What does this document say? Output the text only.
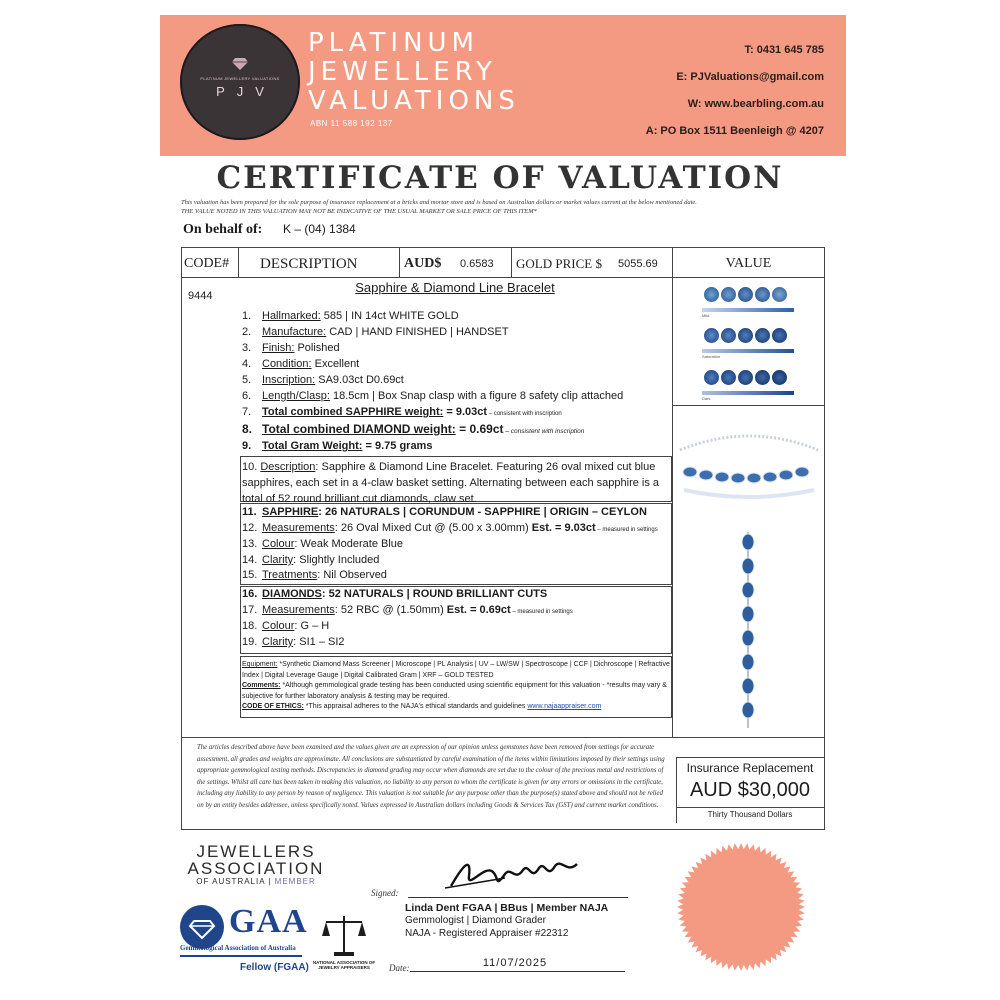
PLATINUM JEWELLERY VALUATIONS
PJV
PLATINUM
JEWELLERY
VALUATIONS
ABN 11 588 192 137
T: 0431 645 785
E: PJValuations@gmail.com
W: www.bearbling.com.au
A: PO Box 1511 Beenleigh @ 4207
CERTIFICATE OF VALUATION
This valuation has been prepared for the sole purpose of insurance replacement at a bricks and mortar store and is based on Australian dollars or market values current at the below mentioned date.
THE VALUE NOTED IN THIS VALUATION MAY NOT BE INDICATIVE OF THE USUAL MARKET OR SALE PRICE OF THIS ITEM*
On behalf of: K – (04) 1384
CODE# DESCRIPTION	AUD$ 0.6583 GOLD PRICE $ 5055.69	VALUE
9444
Sapphire & Diamond Line Bracelet
1. Hallmarked: 585 | IN 14ct WHITE GOLD
2. Manufacture: CAD | HAND FINISHED | HANDSET
3. Finish: Polished
4. Condition: Excellent
5. Inscription: SA9.03ct D0.69ct
6. Length/Clasp: 18.5cm | Box Snap clasp with a figure 8 safety clip attached
7. Total combined SAPPHIRE weight: = 9.03ct – consistent with inscription
8. Total combined DIAMOND weight: = 0.69ct – consistent with inscription
9. Total Gram Weight: = 9.75 grams
10. Description: Sapphire & Diamond Line Bracelet. Featuring 26 oval mixed cut blue sapphires, each set in a 4-claw basket setting. Alternating between each sapphire is a total of 52 round brilliant cut diamonds, claw set.
11. SAPPHIRE: 26 NATURALS | CORUNDUM - SAPPHIRE | ORIGIN – CEYLON
12. Measurements: 26 Oval Mixed Cut @ (5.00 x 3.00mm) Est. = 9.03ct – measured in settings
13. Colour: Weak Moderate Blue
14. Clarity: Slightly Included
15. Treatments: Nil Observed
16. DIAMONDS: 52 NATURALS | ROUND BRILLIANT CUTS
17. Measurements: 52 RBC @ (1.50mm) Est. = 0.69ct – measured in settings
18. Colour: G – H
19. Clarity: SI1 – SI2
Equipment: *Synthetic Diamond Mass Screener | Microscope | PL Analysis | UV – LW/SW | Spectroscope | CCF | Dichroscope | Refractive Index | Digital Leverage Gauge | Digital Calibrated Gram | XRF – GOLD TESTED
Comments: *Although gemmological grade testing has been conducted using scientific equipment for this valuation - *results may vary & subjective for further laboratory analysis & testing may be required.
CODE OF ETHICS: *This appraisal adheres to the NAJA's ethical standards and guidelines www.najaappraiser.com
Mild
Saturation
Dark
The articles described above have been examined and the values given are an expression of our opinion unless gemstones have been removed from settings for accurate assessment, all grades and weights are approximate. All conclusions are substantiated by careful examination of the items within limitations imposed by their settings using appropriate gemmological testing methods. Discrepancies in diamond grading may occur when diamonds are set due to the colour of the precious metal and restrictions of the settings. Whilst all care has been taken in making this valuation, no liability to any person to whom the certificate is given for any errors or omissions in the certificate, including any liability to any person by reason of negligence. This valuation is not suitable for any purpose other than the purpose(s) stated above and should not be relied on by an entity besides addressee, unless specifically noted. Values expressed in Australian dollars including Goods & Services Tax (GST) and current market conditions.
Insurance Replacement
AUD $30,000
Thirty Thousand Dollars
JEWELLERS
ASSOCIATION
OF AUSTRALIA | MEMBER
GAA
Gemmological Association of Australia
Fellow (FGAA) NATIONAL ASSOCIATION OF JEWELRY APPRAISERS
Signed:
Linda Dent FGAA | BBus | Member NAJA
Gemmologist | Diamond Grader
NAJA - Registered Appraiser #22312
Date:	11/07/2025
